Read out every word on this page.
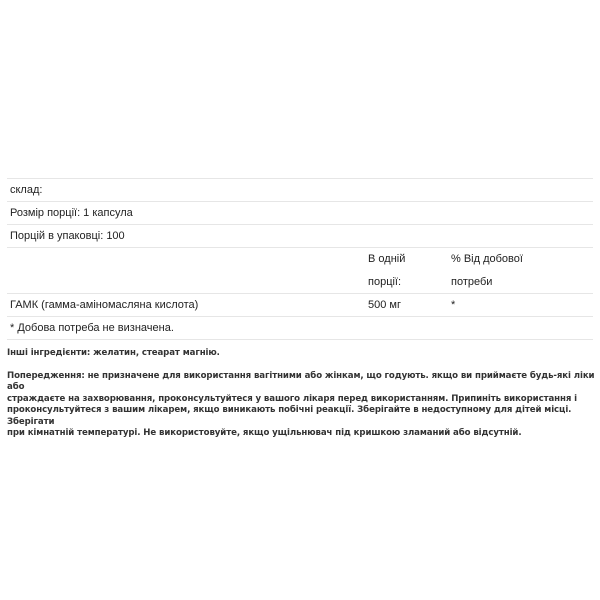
склад:
Розмір порції: 1 капсула
Порцій в упаковці: 100
В одній
порції:
% Від добової
потреби
ГАМК (гамма-аміномасляна кислота)	500 мг	*
* Добова потреба не визначена.

Інші інгредієнти: желатин, стеарат магнію.

Попередження: не призначене для використання вагітними або жінкам, що годують. якщо ви приймаєте будь-які ліки або
страждаєте на захворювання, проконсультуйтеся у вашого лікаря перед використанням. Припиніть використання і
проконсультуйтеся з вашим лікарем, якщо виникають побічні реакції. Зберігайте в недоступному для дітей місці. Зберігати
при кімнатній температурі. Не використовуйте, якщо ущільнювач під кришкою зламаний або відсутній.
